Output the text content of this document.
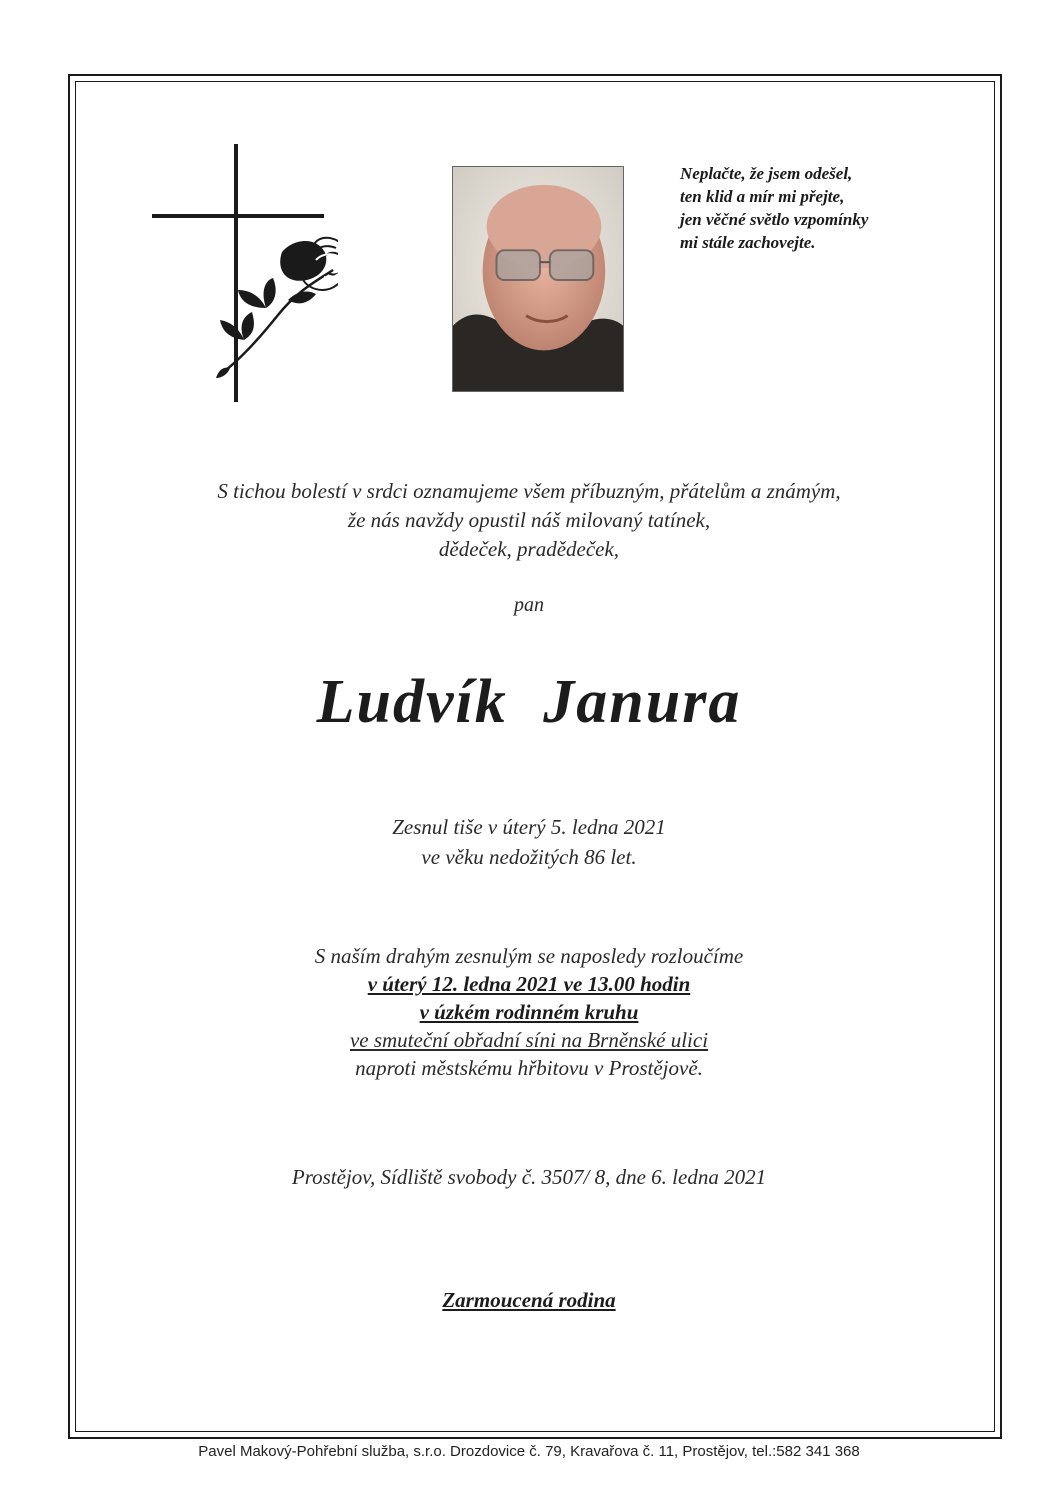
Neplačte, že jsem odešel,
ten klid a mír mi přejte,
jen věčné světlo vzpomínky
mi stále zachovejte.
S tichou bolestí v srdci oznamujeme všem příbuzným, přátelům a známým,
že nás navždy opustil náš milovaný tatínek,
dědeček, pradědeček,
pan
Ludvík Janura
Zesnul tiše v úterý 5. ledna 2021
ve věku nedožitých 86 let.
S naším drahým zesnulým se naposledy rozloučíme
v úterý 12. ledna 2021 ve 13.00 hodin
v úzkém rodinném kruhu
ve smuteční obřadní síni na Brněnské ulici
naproti městskému hřbitovu v Prostějově.
Prostějov, Sídliště svobody č. 3507/ 8, dne 6. ledna 2021
Zarmoucená rodina
Pavel Makový-Pohřební služba, s.r.o. Drozdovice č. 79, Kravařova č. 11, Prostějov, tel.:582 341 368
